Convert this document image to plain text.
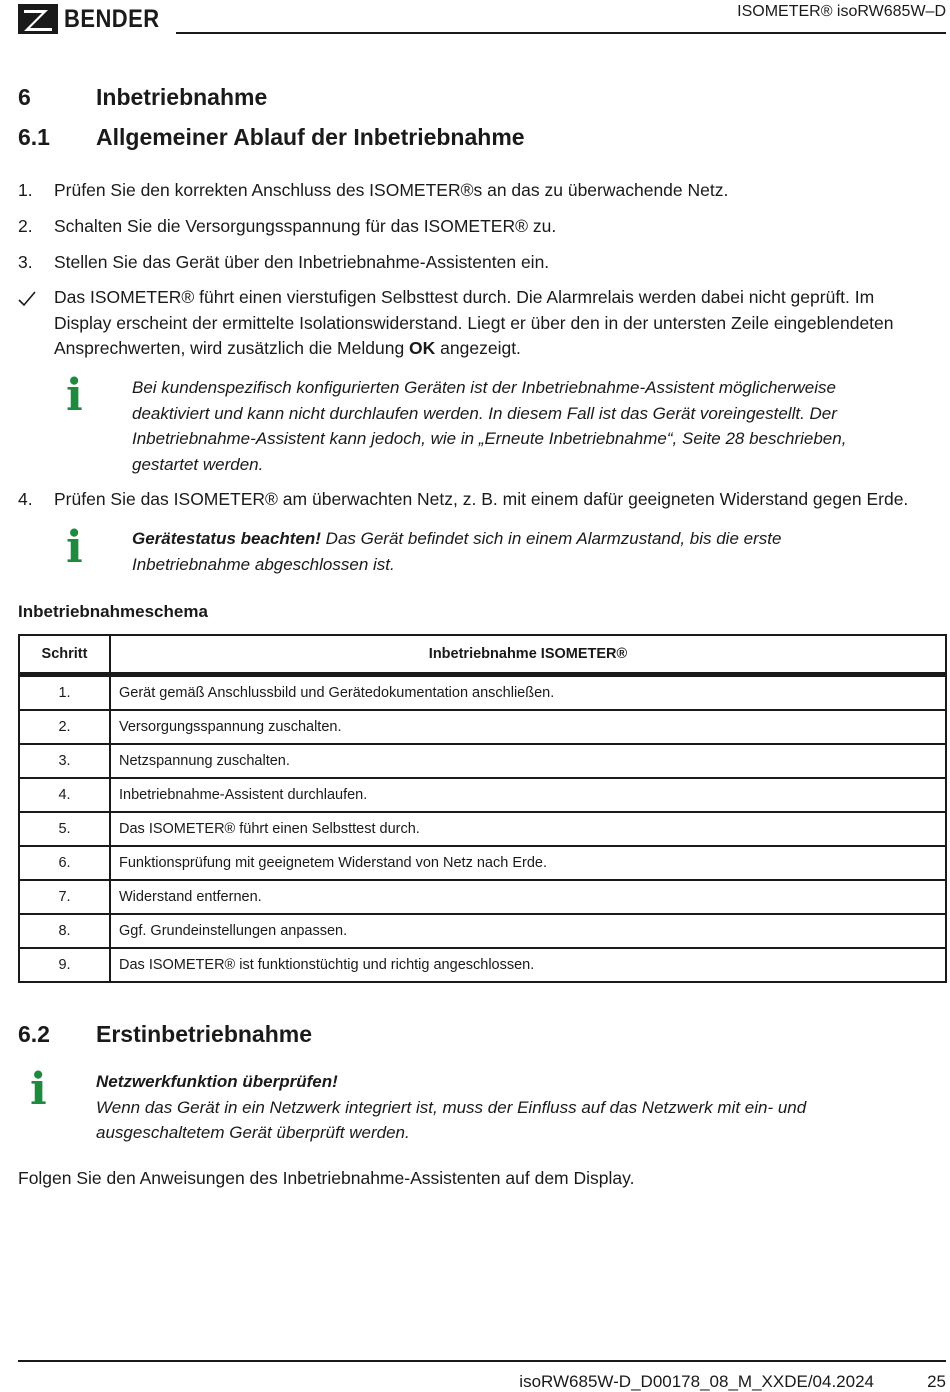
BENDER	ISOMETER® isoRW685W–D
6	Inbetriebnahme
6.1 Allgemeiner Ablauf der Inbetriebnahme
1. Prüfen Sie den korrekten Anschluss des ISOMETER®s an das zu überwachende Netz.
2. Schalten Sie die Versorgungsspannung für das ISOMETER® zu.
3. Stellen Sie das Gerät über den Inbetriebnahme-Assistenten ein.
Das ISOMETER® führt einen vierstufigen Selbsttest durch. Die Alarmrelais werden dabei nicht geprüft. Im Display erscheint der ermittelte Isolationswiderstand. Liegt er über den in der untersten Zeile eingeblendeten Ansprechwerten, wird zusätzlich die Meldung OK angezeigt.
i	Bei kundenspezifisch konfigurierten Geräten ist der Inbetriebnahme-Assistent möglicherweise deaktiviert und kann nicht durchlaufen werden. In diesem Fall ist das Gerät voreingestellt. Der Inbetriebnahme-Assistent kann jedoch, wie in „Erneute Inbetriebnahme“, Seite 28 beschrieben, gestartet werden.
4. Prüfen Sie das ISOMETER® am überwachten Netz, z. B. mit einem dafür geeigneten Widerstand gegen Erde.
i	Gerätestatus beachten! Das Gerät befindet sich in einem Alarmzustand, bis die erste Inbetriebnahme abgeschlossen ist.
Inbetriebnahmeschema
Schritt	Inbetriebnahme ISOMETER®
1.	Gerät gemäß Anschlussbild und Gerätedokumentation anschließen.
2.	Versorgungsspannung zuschalten.
3.	Netzspannung zuschalten.
4.	Inbetriebnahme-Assistent durchlaufen.
5.	Das ISOMETER® führt einen Selbsttest durch.
6.	Funktionsprüfung mit geeignetem Widerstand von Netz nach Erde.
7.	Widerstand entfernen.
8.	Ggf. Grundeinstellungen anpassen.
9.	Das ISOMETER® ist funktionstüchtig und richtig angeschlossen.
6.2 Erstinbetriebnahme
i	Netzwerkfunktion überprüfen!
Wenn das Gerät in ein Netzwerk integriert ist, muss der Einfluss auf das Netzwerk mit ein- und ausgeschaltetem Gerät überprüft werden.
Folgen Sie den Anweisungen des Inbetriebnahme-Assistenten auf dem Display.
isoRW685W-D_D00178_08_M_XXDE/04.2024	25
